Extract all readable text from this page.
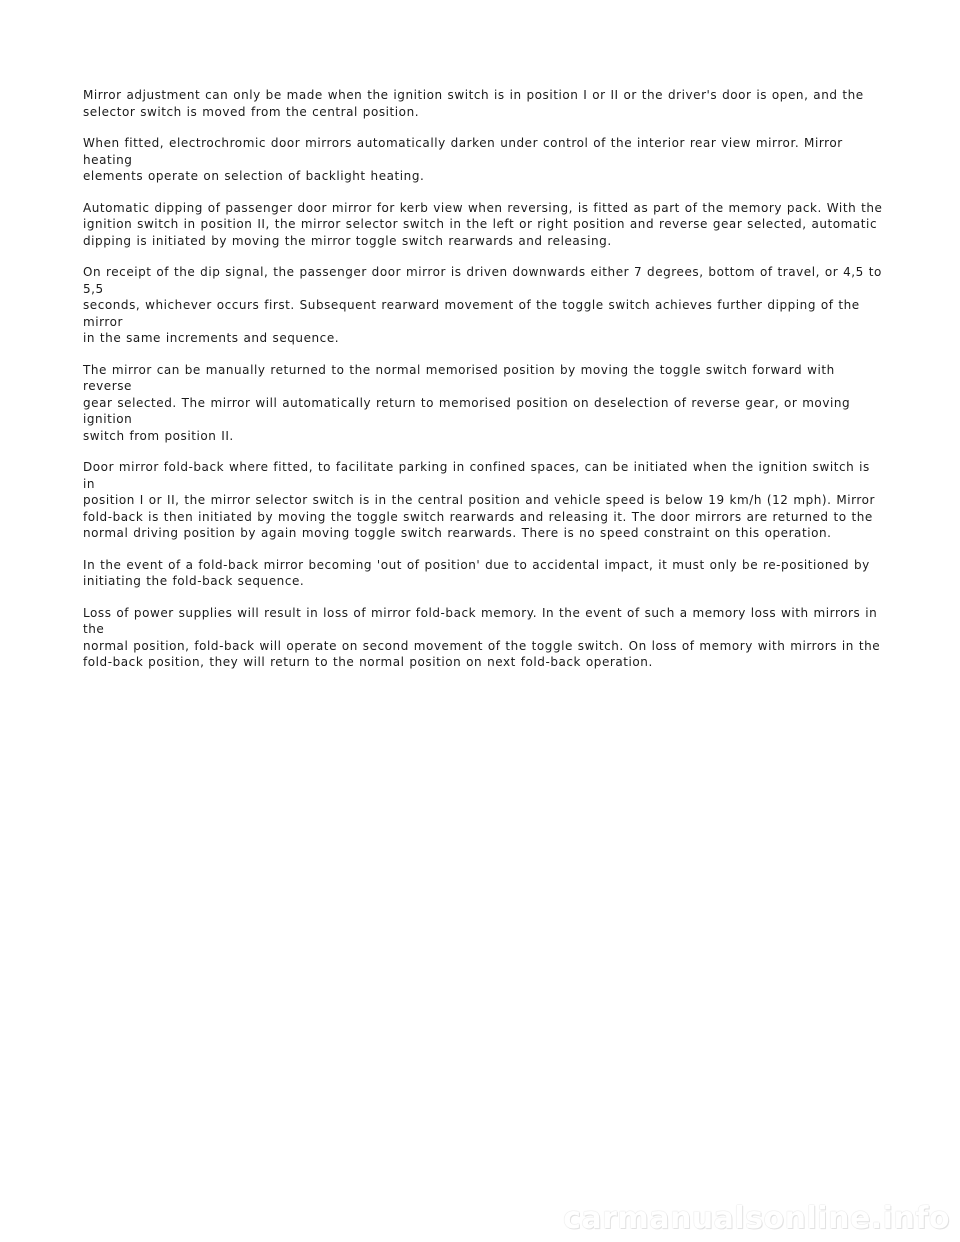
Mirror adjustment can only be made when the ignition switch is in position I or II or the driver's door is open, and the
selector switch is moved from the central position.

When fitted, electrochromic door mirrors automatically darken under control of the interior rear view mirror. Mirror heating
elements operate on selection of backlight heating.

Automatic dipping of passenger door mirror for kerb view when reversing, is fitted as part of the memory pack. With the
ignition switch in position II, the mirror selector switch in the left or right position and reverse gear selected, automatic
dipping is initiated by moving the mirror toggle switch rearwards and releasing.

On receipt of the dip signal, the passenger door mirror is driven downwards either 7 degrees, bottom of travel, or 4,5 to 5,5
seconds, whichever occurs first. Subsequent rearward movement of the toggle switch achieves further dipping of the mirror
in the same increments and sequence.

The mirror can be manually returned to the normal memorised position by moving the toggle switch forward with reverse
gear selected. The mirror will automatically return to memorised position on deselection of reverse gear, or moving ignition
switch from position II.

Door mirror fold-back where fitted, to facilitate parking in confined spaces, can be initiated when the ignition switch is in
position I or II, the mirror selector switch is in the central position and vehicle speed is below 19 km/h (12 mph). Mirror
fold-back is then initiated by moving the toggle switch rearwards and releasing it. The door mirrors are returned to the
normal driving position by again moving toggle switch rearwards. There is no speed constraint on this operation.

In the event of a fold-back mirror becoming 'out of position' due to accidental impact, it must only be re-positioned by
initiating the fold-back sequence.

Loss of power supplies will result in loss of mirror fold-back memory. In the event of such a memory loss with mirrors in the
normal position, fold-back will operate on second movement of the toggle switch. On loss of memory with mirrors in the
fold-back position, they will return to the normal position on next fold-back operation.

carmanualsonline.info
